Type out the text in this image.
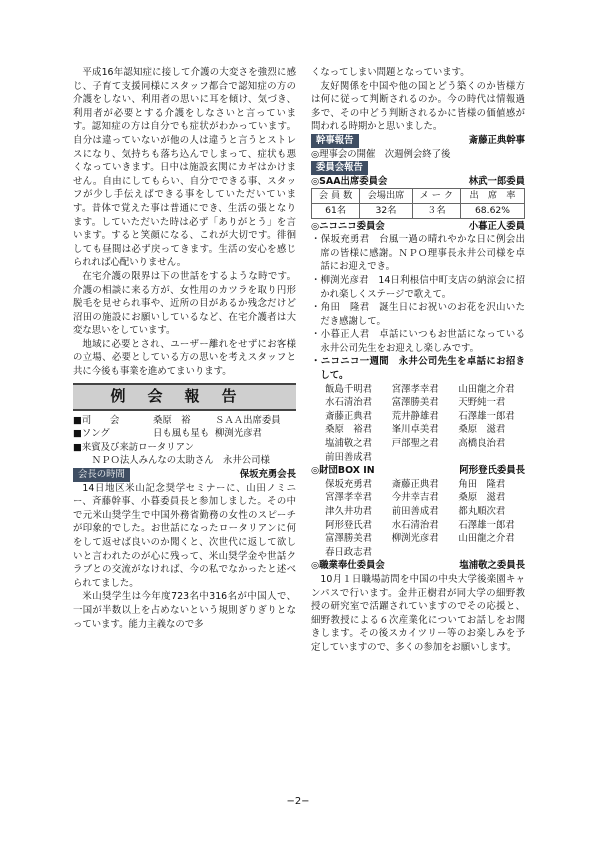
平成16年認知症に接して介護の大変さを強烈に感じ、子育て支援同様にスタッフ都合で認知症の方の介護をしない、利用者の思いに耳を傾け、気づき、利用者が必要とする介護をしなさいと言っています。認知症の方は自分でも症状がわかっています。自分は違っていないが他の人は違うと言うとストレスになり、気持ちも落ち込んでしまって、症状も悪くなっていきます。日中は施設玄関にカギはかけません。自由にしてもらい、自分でできる事、スタッフが少し手伝えばできる事をしていただいています。昔体で覚えた事は普通にでき、生活の張となります。していただいた時は必ず「ありがとう」を言います。すると笑顔になる、これが大切です。徘徊しても昼間は必ず戻ってきます。生活の安心を感じられれば心配いりません。

在宅介護の限界は下の世話をするような時です。介護の相談に来る方が、女性用のカツラを取り円形脱毛を見せられ事や、近所の目があるか残念だけど沼田の施設にお願いしているなど、在宅介護者は大変な思いをしています。

地域に必要とされ、ユーザー離れをせずにお客様の立場、必要としている方の思いを考えスタッフと共に今後も事業を進めてまいります。

例会報告
■司　　会	桑原　裕	ＳＡＡ出席委員
■ソング	日も風も星も 柳渕光彦君
■来賓及び来訪ロータリアン

ＮＰＯ法人みんなの太助さん　永井公司様

会長の時間	保坂充勇会長

14日地区米山記念奨学セミナーに、山田ノミニー、斉藤幹事、小暮委員長と参加しました。その中で元米山奨学生で中国外務省勤務の女性のスピーチが印象的でした。お世話になったロータリアンに何をして返せば良いのか聞くと、次世代に返して欲しいと言われたのが心に残って、米山奨学金や世話クラブとの交流がなければ、今の私でなかったと述べられてました。

米山奨学生は今年度723名中316名が中国人で、一国が半数以上を占めないという規則ぎりぎりとなっています。能力主義なので多

くなってしまい問題となっています。

友好関係を中国や他の国とどう築くのか皆様方は何に従って判断されるのか。今の時代は情報過多で、その中どう判断されるかに皆様の価値感が問われる時期かと思いました。

幹事報告	斎藤正典幹事

◎理事会の開催　次週例会終了後

委員会報告
◎SAA出席委員会	林武一郎委員
会 員 数	会場出席	メ ー ク	出　席　率
61名	32名	３名	68.62%
◎ニコニコ委員会	小暮正人委員

・保坂充勇君　台風一過の晴れやかな日に例会出席の皆様に感謝。ＮＰＯ理事長永井公司様を卓話にお迎えでき。

・柳渕光彦君　14日利根信中町支店の納涼会に招かれ楽しくステージで歌えて。

・角田　隆君　誕生日にお祝いのお花を沢山いただき感謝して。

・小暮正人君　卓話にいつもお世話になっている永井公司先生をお迎えし楽しみです。

・ニコニコ一週間　永井公司先生を卓話にお招きして。

飯島千明君	宮澤孝幸君	山田龍之介君
水石清治君	富澤勝美君	天野純一君
斎藤正典君	荒井静雄君	石澤雄一郎君
桑原　裕君	峯川卓美君	桑原　滋君
塩浦敬之君	戸部聖之君	高橋良治君
前田善成君
◎財団BOX IN	阿形登氏委員長
保坂充勇君	斎藤正典君	角田　隆君
宮澤孝幸君	今井幸吉君	桑原　滋君
津久井功君	前田善成君	都丸順次君
阿形登氏君	水石清治君	石澤雄一郎君
富澤勝美君	柳渕光彦君	山田龍之介君
春日政志君
◎職業奉仕委員会	塩浦敬之委員長

10月１日職場訪問を中国の中央大学後楽園キャンパスで行います。金井正樹君が同大学の細野教授の研究室で活躍されていますのでその応援と、細野教授による６次産業化についてお話しをお聞きします。その後スカイツリー等のお楽しみを予定していますので、多くの参加をお願いします。

−2−
